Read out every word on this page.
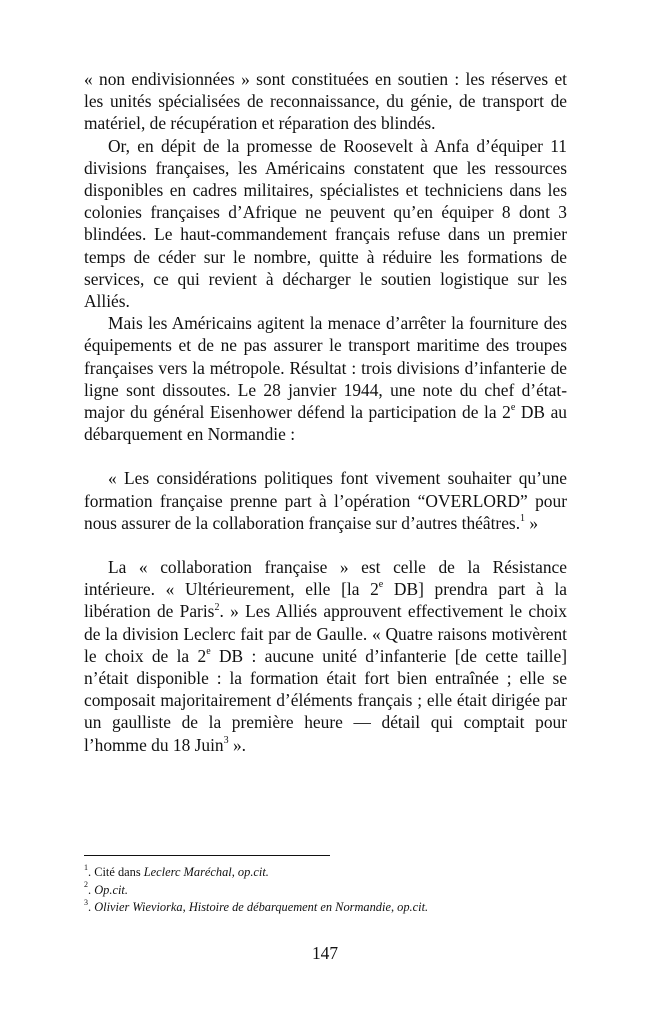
« non endivisionnées » sont constituées en soutien : les réserves et les unités spécialisées de reconnaissance, du génie, de transport de matériel, de récupération et réparation des blindés.

Or, en dépit de la promesse de Roosevelt à Anfa d’équiper 11 divisions françaises, les Américains constatent que les ressources disponibles en cadres militaires, spécialistes et techniciens dans les colonies françaises d’Afrique ne peuvent qu’en équiper 8 dont 3 blindées. Le haut-commandement français refuse dans un premier temps de céder sur le nombre, quitte à réduire les formations de services, ce qui revient à décharger le soutien logistique sur les Alliés.

Mais les Américains agitent la menace d’arrêter la fourniture des équipements et de ne pas assurer le transport maritime des troupes françaises vers la métropole. Résultat : trois divisions d’infanterie de ligne sont dissoutes. Le 28 janvier 1944, une note du chef d’état-major du général Eisenhower défend la participation de la 2e DB au débarquement en Normandie :

« Les considérations politiques font vivement souhaiter qu’une formation française prenne part à l’opération “OVERLORD” pour nous assurer de la collaboration française sur d’autres théâtres.$^1$ »

La « collaboration française » est celle de la Résistance intérieure. « Ultérieurement, elle [la 2e DB] prendra part à la libération de Paris$^2$. » Les Alliés approuvent effectivement le choix de la division Leclerc fait par de Gaulle. « Quatre raisons motivèrent le choix de la 2e DB : aucune unité d’infanterie [de cette taille] n’était disponible : la formation était fort bien entraînée ; elle se composait majoritairement d’éléments français ; elle était dirigée par un gaulliste de la première heure — détail qui comptait pour l’homme du 18 Juin$^3$ ».

$^1$. Cité dans Leclerc Maréchal, op.cit.
$^2$. Op.cit.
$^3$. Olivier Wieviorka, Histoire de débarquement en Normandie, op.cit.
147
